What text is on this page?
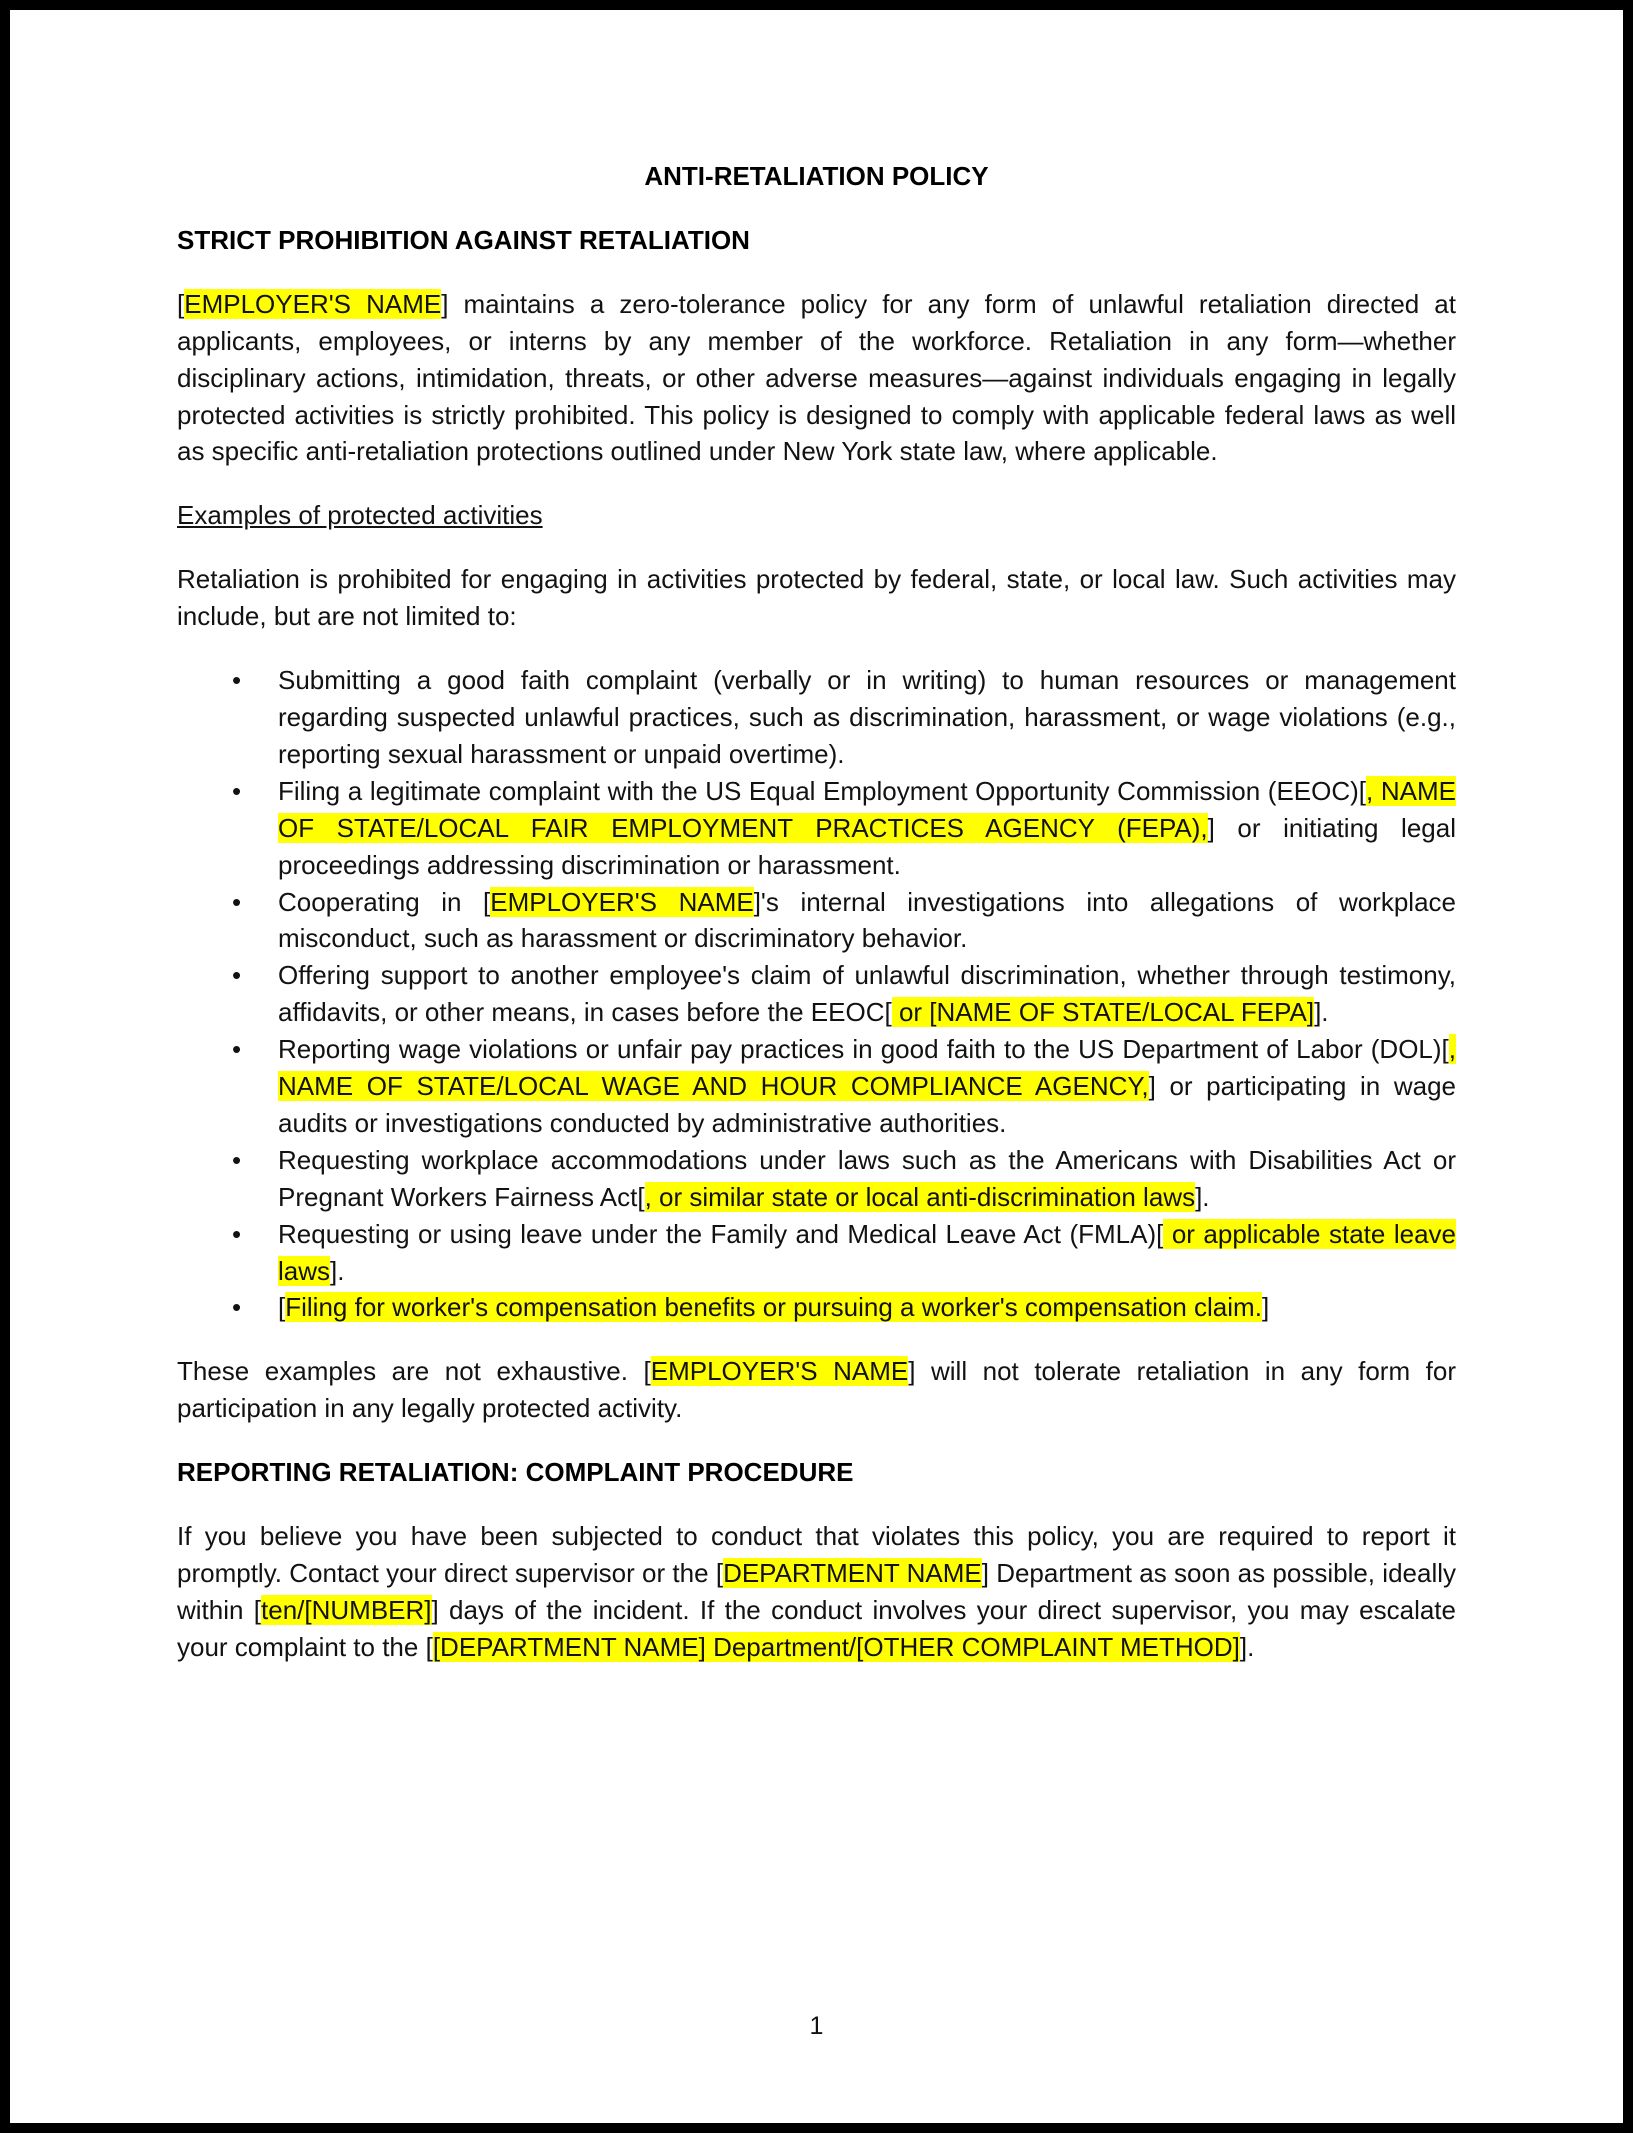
ANTI-RETALIATION POLICY
STRICT PROHIBITION AGAINST RETALIATION
[EMPLOYER'S NAME] maintains a zero-tolerance policy for any form of unlawful retaliation directed at applicants, employees, or interns by any member of the workforce. Retaliation in any form—whether disciplinary actions, intimidation, threats, or other adverse measures—against individuals engaging in legally protected activities is strictly prohibited. This policy is designed to comply with applicable federal laws as well as specific anti-retaliation protections outlined under New York state law, where applicable.
Examples of protected activities
Retaliation is prohibited for engaging in activities protected by federal, state, or local law. Such activities may include, but are not limited to:
• Submitting a good faith complaint (verbally or in writing) to human resources or management regarding suspected unlawful practices, such as discrimination, harassment, or wage violations (e.g., reporting sexual harassment or unpaid overtime).
• Filing a legitimate complaint with the US Equal Employment Opportunity Commission (EEOC)[, NAME OF STATE/LOCAL FAIR EMPLOYMENT PRACTICES AGENCY (FEPA),] or initiating legal proceedings addressing discrimination or harassment.
• Cooperating in [EMPLOYER'S NAME]'s internal investigations into allegations of workplace misconduct, such as harassment or discriminatory behavior.
• Offering support to another employee's claim of unlawful discrimination, whether through testimony, affidavits, or other means, in cases before the EEOC[ or [NAME OF STATE/LOCAL FEPA]].
• Reporting wage violations or unfair pay practices in good faith to the US Department of Labor (DOL)[, NAME OF STATE/LOCAL WAGE AND HOUR COMPLIANCE AGENCY,] or participating in wage audits or investigations conducted by administrative authorities.
• Requesting workplace accommodations under laws such as the Americans with Disabilities Act or Pregnant Workers Fairness Act[, or similar state or local anti-discrimination laws].
• Requesting or using leave under the Family and Medical Leave Act (FMLA)[ or applicable state leave laws].
• [Filing for worker's compensation benefits or pursuing a worker's compensation claim.]
These examples are not exhaustive. [EMPLOYER'S NAME] will not tolerate retaliation in any form for participation in any legally protected activity.
REPORTING RETALIATION: COMPLAINT PROCEDURE
If you believe you have been subjected to conduct that violates this policy, you are required to report it promptly. Contact your direct supervisor or the [DEPARTMENT NAME] Department as soon as possible, ideally within [ten/[NUMBER]] days of the incident. If the conduct involves your direct supervisor, you may escalate your complaint to the [[DEPARTMENT NAME] Department/[OTHER COMPLAINT METHOD]].
1
